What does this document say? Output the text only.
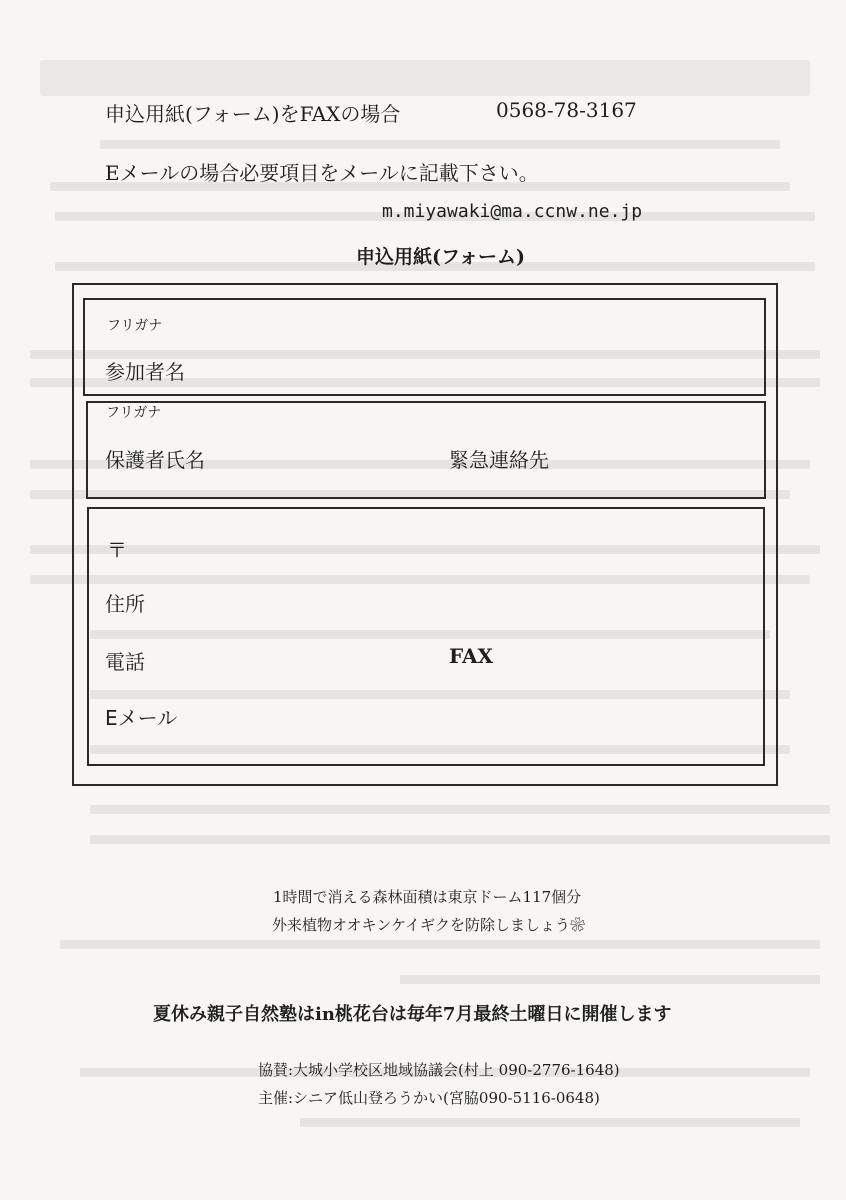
申込用紙(フォーム)をFAXの場合	0568-78-3167
Eメールの場合必要項目をメールに記載下さい。
m.miyawaki@ma.ccnw.ne.jp
申込用紙(フォーム)
フリガナ
参加者名
フリガナ
保護者氏名	緊急連絡先
〒
住所
電話	FAX
Eメール
1時間で消える森林面積は東京ドーム117個分
外来植物オオキンケイギクを防除しましょう❀
夏休み親子自然塾はin桃花台は毎年7月最終土曜日に開催します
協賛:大城小学校区地域協議会(村上 090-2776-1648)
主催:シニア低山登ろうかい(宮脇090-5116-0648)
